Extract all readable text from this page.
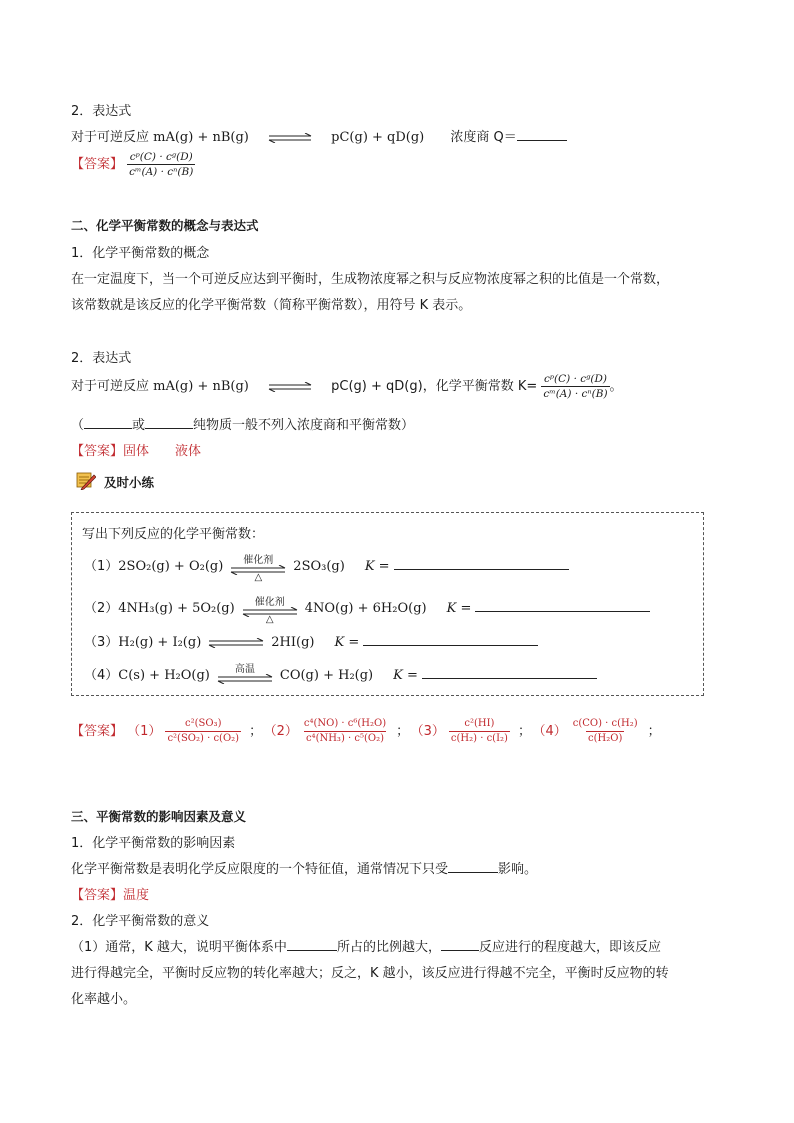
2．表达式
对于可逆反应 mA(g) + nB(g) ⇌ pC(g) + qD(g) 浓度商 Q＝
【答案】 $\frac{\text{cᵖ(C) · cᵍ(D)}}{\text{cᵐ(A) · cⁿ(B)}}$
二、化学平衡常数的概念与表达式
1．化学平衡常数的概念
在一定温度下，当一个可逆反应达到平衡时，生成物浓度幂之积与反应物浓度幂之积的比值是一个常数，
该常数就是该反应的化学平衡常数（简称平衡常数），用符号 K 表示。
2．表达式
对于可逆反应 mA(g) + nB(g) ⇌ pC(g) + qD(g)，化学平衡常数 $K= \frac{\text{cᵖ(C) · cᵍ(D)}}{\text{cᵐ(A) · cⁿ(B)}}$ 。
（	或	纯物质一般不列入浓度商和平衡常数）
【答案】固体　　液体
及时小练
写出下列反应的化学平衡常数：
（1）2SO₂(g) + O₂(g)	催化剂
△
2SO₃(g) K =
（2）4NH₃(g) + 5O₂(g)	催化剂
△
4NO(g) + 6H₂O(g) K =
（3）H₂(g) + I₂(g)	2HI(g) K =
（4）C(s) + H₂O(g)	高温	CO(g) + H₂(g) K =
【答案】 $(1) \frac{\text{c²(SO₃)}}{\text{c²(SO₂) · c(O₂)}}$ ； $(2) \frac{\text{c⁴(NO) · c⁶(H₂O)}}{\text{c⁴(NH₃) · c⁵(O₂)}}$ ； $(3) \frac{\text{c²(HI)}}{\text{c(H₂) · c(I₂)}}$ ； $(4) \frac{\text{c(CO) · c(H₂)}}{\text{c(H₂O)}}$ ；
三、平衡常数的影响因素及意义
1．化学平衡常数的影响因素
化学平衡常数是表明化学反应限度的一个特征值，通常情况下只受	影响。
【答案】温度
2．化学平衡常数的意义
（1）通常，K 越大，说明平衡体系中	所占的比例越大，	反应进行的程度越大，即该反应
进行得越完全，平衡时反应物的转化率越大；反之，K 越小，该反应进行得越不完全，平衡时反应物的转
化率越小。
